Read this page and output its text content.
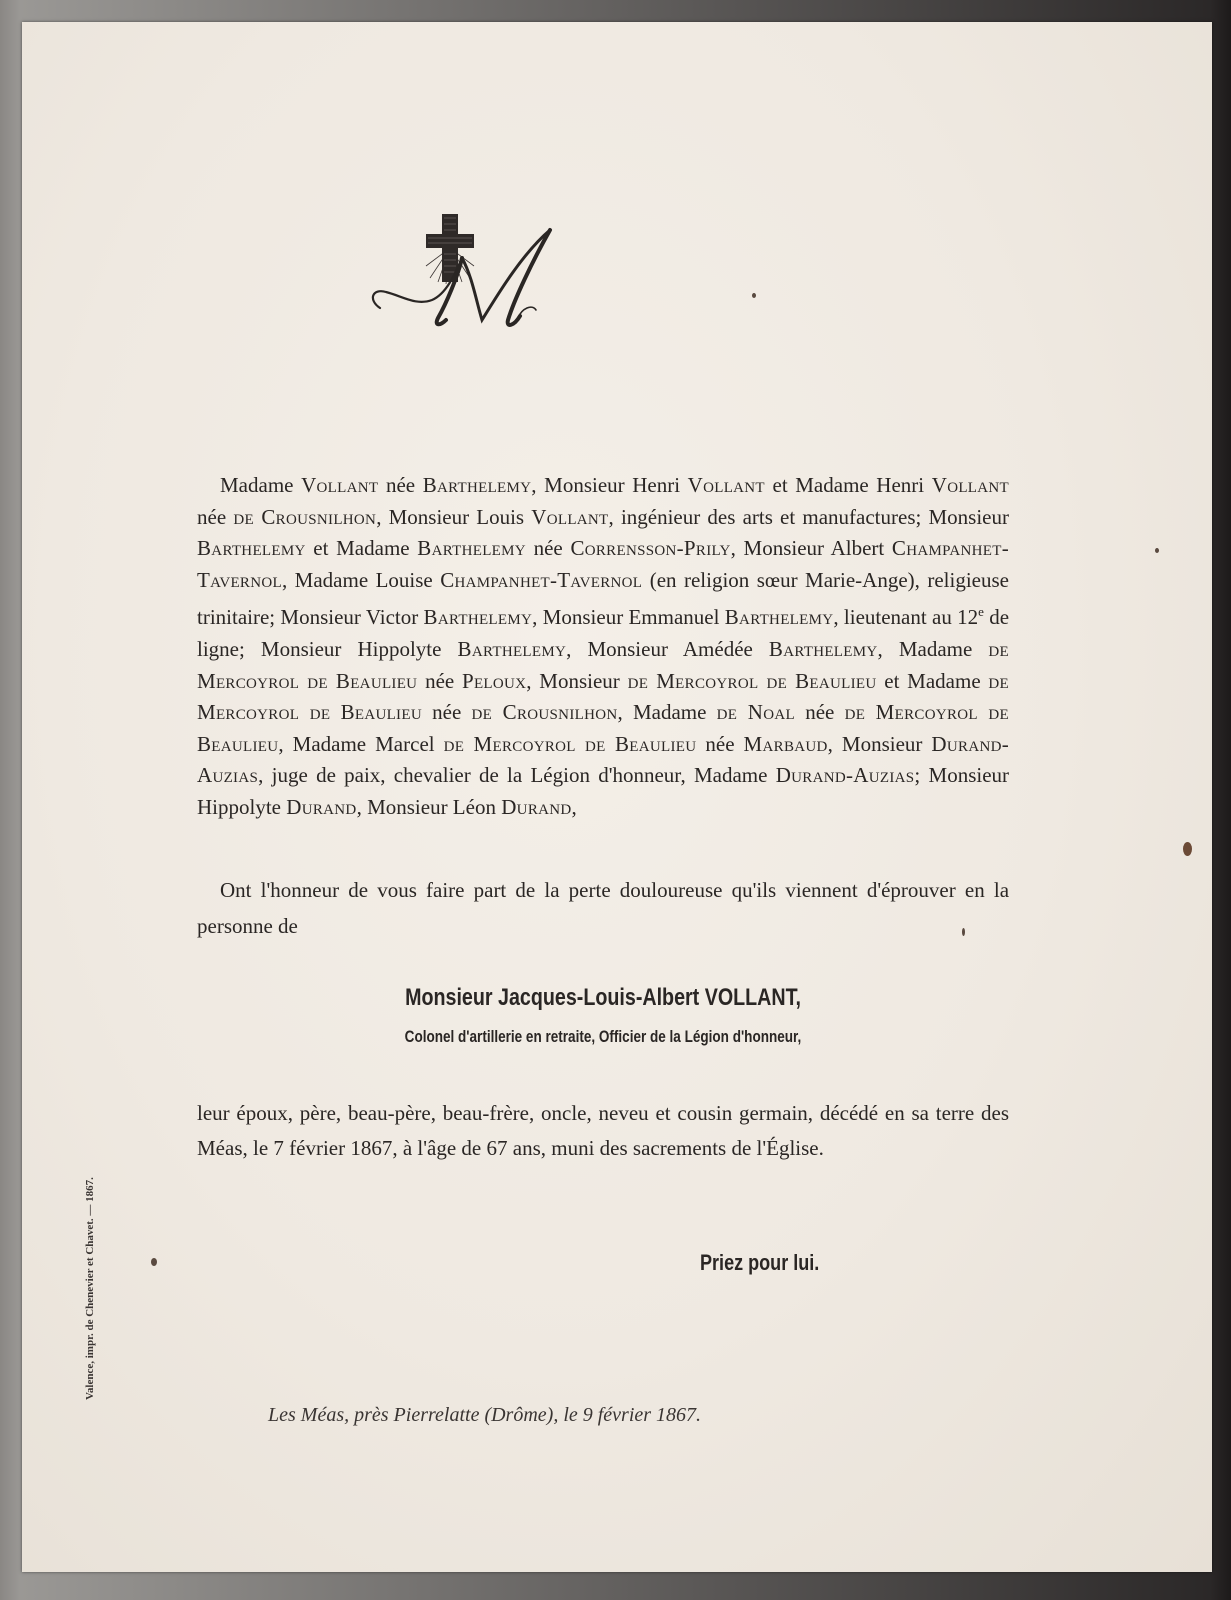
Madame Vollant née Barthelemy, Monsieur Henri Vollant et Madame Henri Vollant née de Crousnilhon, Monsieur Louis Vollant, ingénieur des arts et manufactures; Monsieur Barthelemy et Madame Barthelemy née Corrensson-Prily, Monsieur Albert Champanhet-Tavernol, Madame Louise Champanhet-Tavernol (en religion sœur Marie-Ange), religieuse trinitaire; Monsieur Victor Barthelemy, Monsieur Emmanuel Barthelemy, lieutenant au 12e de ligne; Monsieur Hippolyte Barthelemy, Monsieur Amédée Barthelemy, Madame de Mercoyrol de Beaulieu née Peloux, Monsieur de Mercoyrol de Beaulieu et Madame de Mercoyrol de Beaulieu née de Crousnilhon, Madame de Noal née de Mercoyrol de Beaulieu, Madame Marcel de Mercoyrol de Beaulieu née Marbaud, Monsieur Durand-Auzias, juge de paix, chevalier de la Légion d'honneur, Madame Durand-Auzias; Monsieur Hippolyte Durand, Monsieur Léon Durand,

Ont l'honneur de vous faire part de la perte douloureuse qu'ils viennent d'éprouver en la personne de

Monsieur Jacques-Louis-Albert VOLLANT,
Colonel d'artillerie en retraite, Officier de la Légion d'honneur,

leur époux, père, beau-père, beau-frère, oncle, neveu et cousin germain, décédé en sa terre des Méas, le 7 février 1867, à l'âge de 67 ans, muni des sacrements de l'Église.

Priez pour lui.
Les Méas, près Pierrelatte (Drôme), le 9 février 1867.
Valence, impr. de Chenevier et Chavet. — 1867.
